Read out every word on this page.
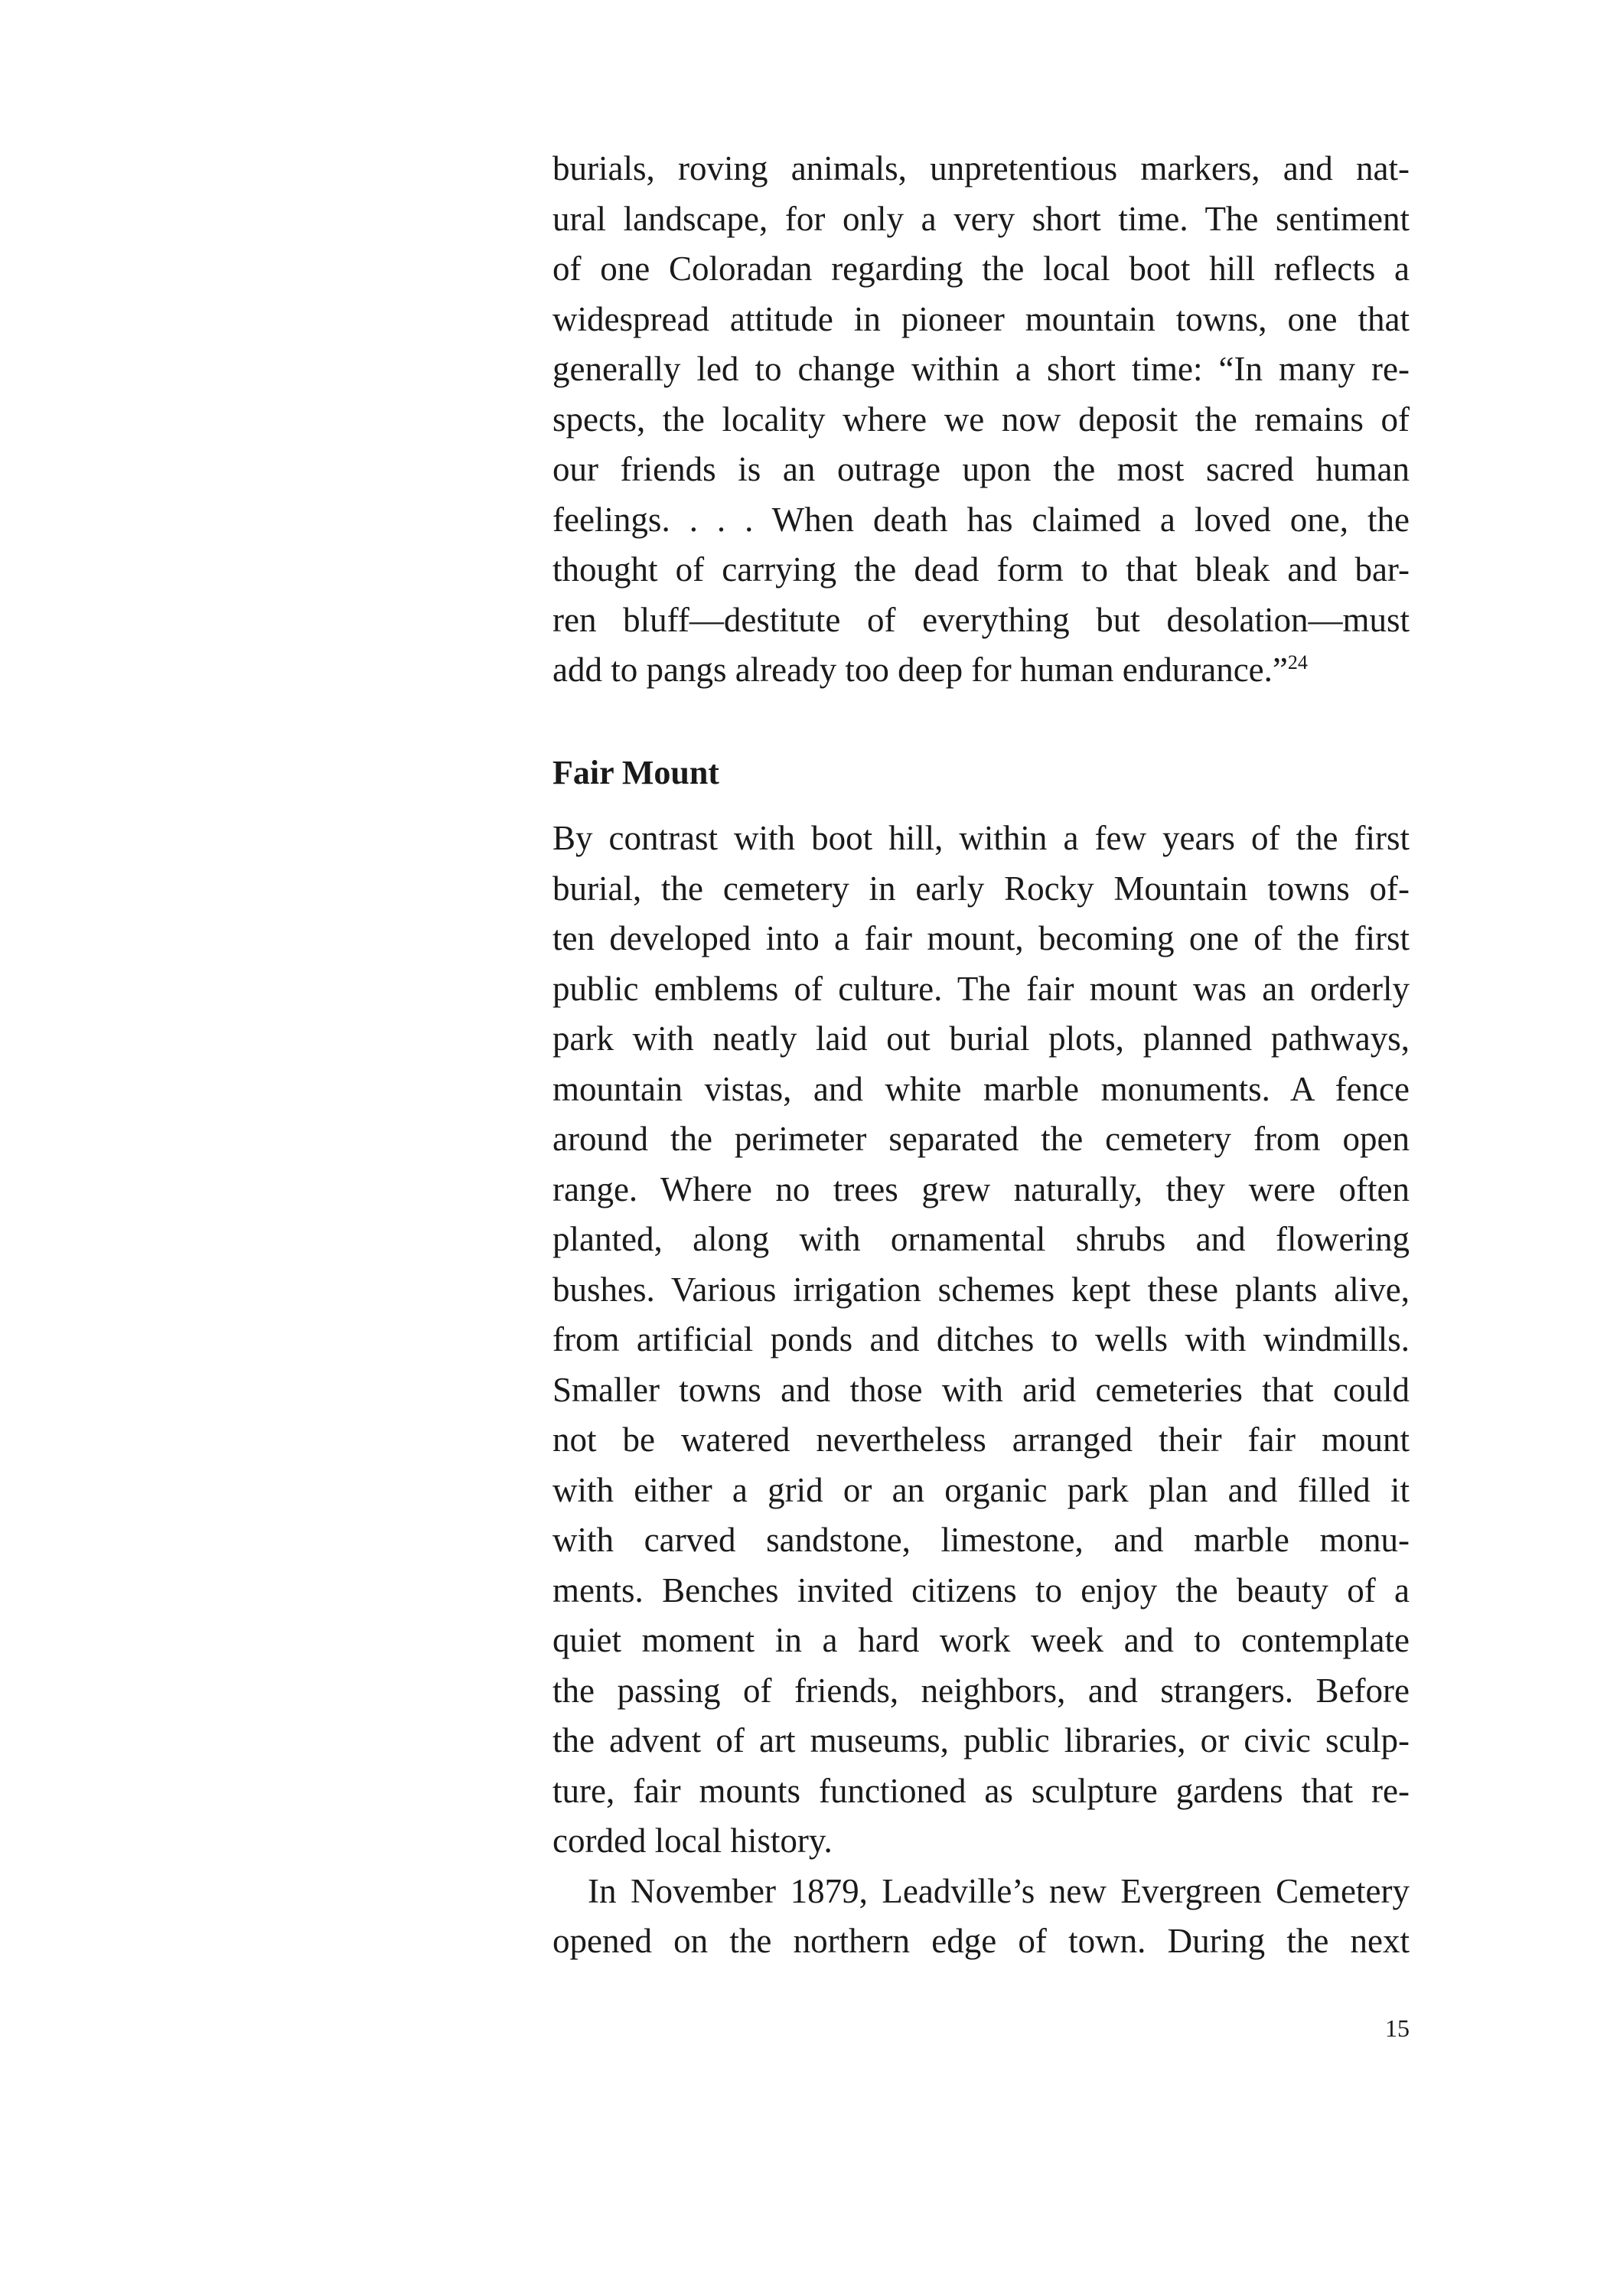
burials, roving animals, unpretentious markers, and nat-
ural landscape, for only a very short time. The sentiment
of one Coloradan regarding the local boot hill reflects a
widespread attitude in pioneer mountain towns, one that
generally led to change within a short time: “In many re-
spects, the locality where we now deposit the remains of
our friends is an outrage upon the most sacred human
feelings. . . . When death has claimed a loved one, the
thought of carrying the dead form to that bleak and bar-
ren bluff—destitute of everything but desolation—must
add to pangs already too deep for human endurance.”$^{24}$
Fair Mount
By contrast with boot hill, within a few years of the first
burial, the cemetery in early Rocky Mountain towns of-
ten developed into a fair mount, becoming one of the first
public emblems of culture. The fair mount was an orderly
park with neatly laid out burial plots, planned pathways,
mountain vistas, and white marble monuments. A fence
around the perimeter separated the cemetery from open
range. Where no trees grew naturally, they were often
planted, along with ornamental shrubs and flowering
bushes. Various irrigation schemes kept these plants alive,
from artificial ponds and ditches to wells with windmills.
Smaller towns and those with arid cemeteries that could
not be watered nevertheless arranged their fair mount
with either a grid or an organic park plan and filled it
with carved sandstone, limestone, and marble monu-
ments. Benches invited citizens to enjoy the beauty of a
quiet moment in a hard work week and to contemplate
the passing of friends, neighbors, and strangers. Before
the advent of art museums, public libraries, or civic sculp-
ture, fair mounts functioned as sculpture gardens that re-
corded local history.
In November 1879, Leadville’s new Evergreen Cemetery
opened on the northern edge of town. During the next
15
